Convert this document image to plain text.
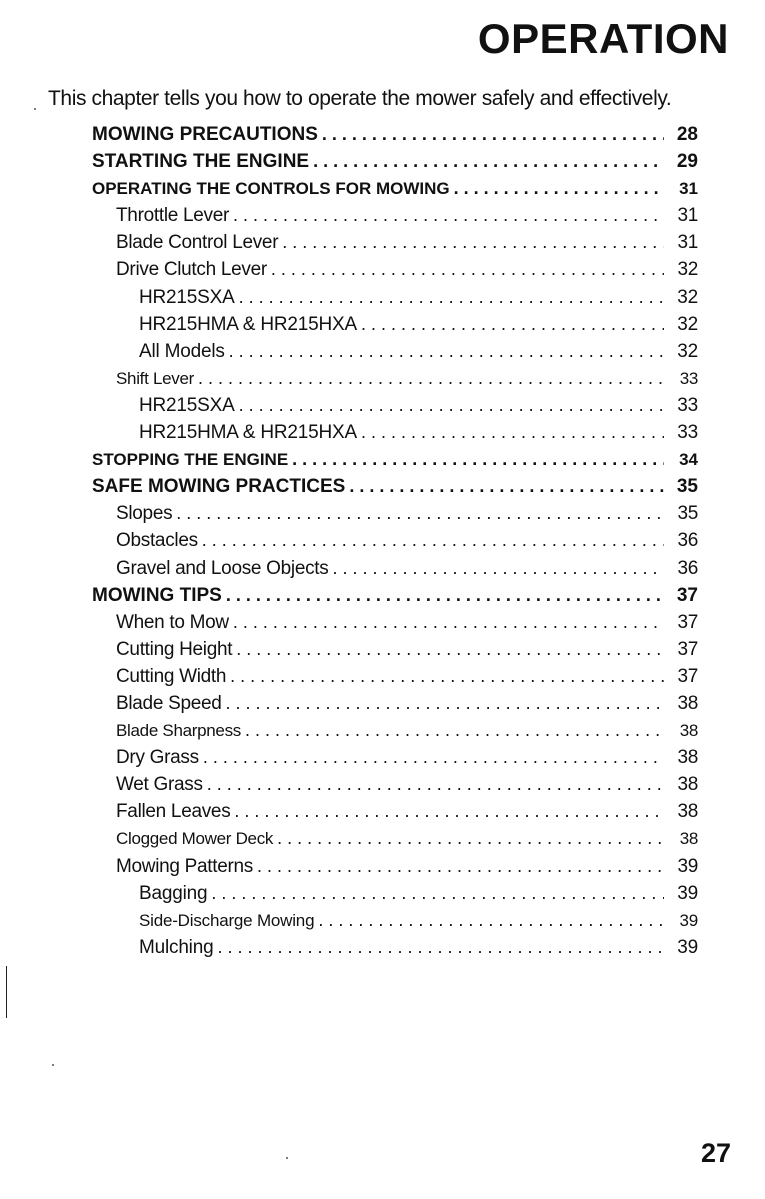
OPERATION

This chapter tells you how to operate the mower safely and effectively.

MOWING PRECAUTIONS . . .	28
STARTING THE ENGINE . . .	29
OPERATING THE CONTROLS FOR MOWING . . .	31
Throttle Lever . . .	31
Blade Control Lever . . .	31
Drive Clutch Lever . . .	32
HR215SXA . . .	32
HR215HMA & HR215HXA . . .	32
All Models . . .	32
Shift Lever . . .	33
HR215SXA . . .	33
HR215HMA & HR215HXA . . .	33
STOPPING THE ENGINE . . .	34
SAFE MOWING PRACTICES . . .	35
Slopes . . .	35
Obstacles . . .	36
Gravel and Loose Objects . . .	36
MOWING TIPS . . .	37
When to Mow . . .	37
Cutting Height . . .	37
Cutting Width . . .	37
Blade Speed . . .	38
Blade Sharpness . . .	38
Dry Grass . . .	38
Wet Grass . . .	38
Fallen Leaves . . .	38
Clogged Mower Deck . . .	38
Mowing Patterns . . .	39
Bagging . . .	39
Side-Discharge Mowing . . .	39
Mulching . . .	39

27
